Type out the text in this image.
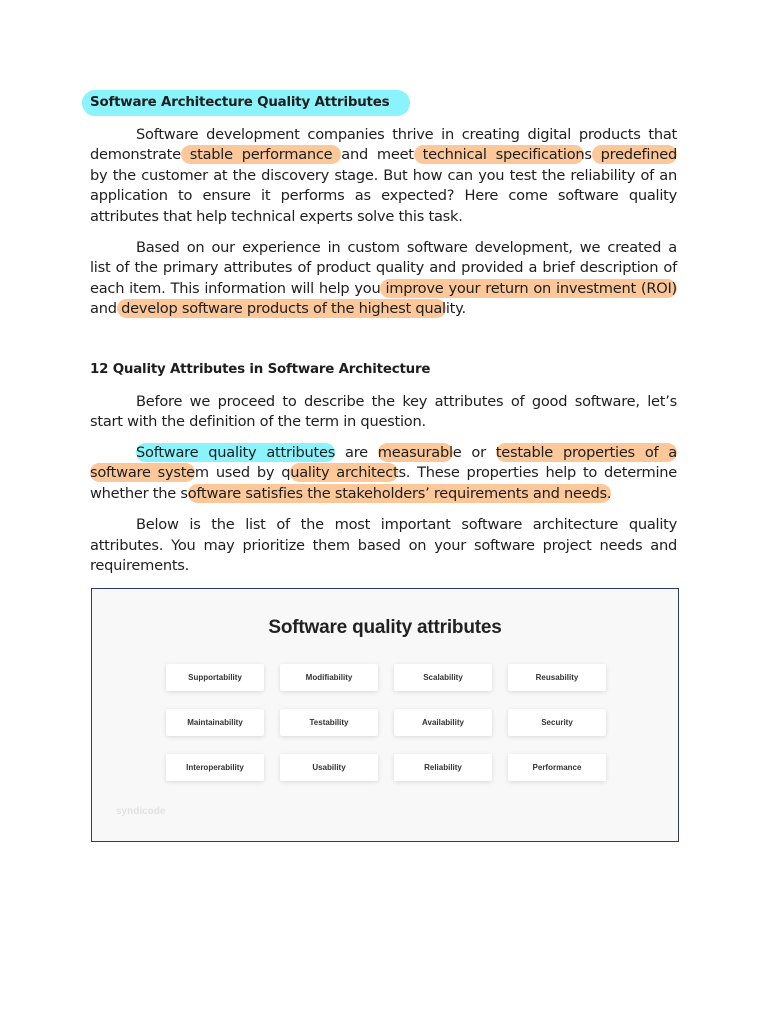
Software Architecture Quality Attributes
Software development companies thrive in creating digital products that
demonstrate stable performance and meet technical specifications predefined
by the customer at the discovery stage. But how can you test the reliability of an
application to ensure it performs as expected? Here come software quality
attributes that help technical experts solve this task.
Based on our experience in custom software development, we created a
list of the primary attributes of product quality and provided a brief description of
each item. This information will help you improve your return on investment (ROI)
and develop software products of the highest quality.
12 Quality Attributes in Software Architecture
Before we proceed to describe the key attributes of good software, let’s
start with the definition of the term in question.
Software quality attributes are measurable or testable properties of a
software system used by quality architects. These properties help to determine
whether the software satisfies the stakeholders’ requirements and needs.
Below is the list of the most important software architecture quality
attributes. You may prioritize them based on your software project needs and
requirements.
Software quality attributes
Supportability	Modifiability	Scalability	Reusability
Maintainability	Testability	Availability	Security
Interoperability	Usability	Reliability	Performance
syndicode
